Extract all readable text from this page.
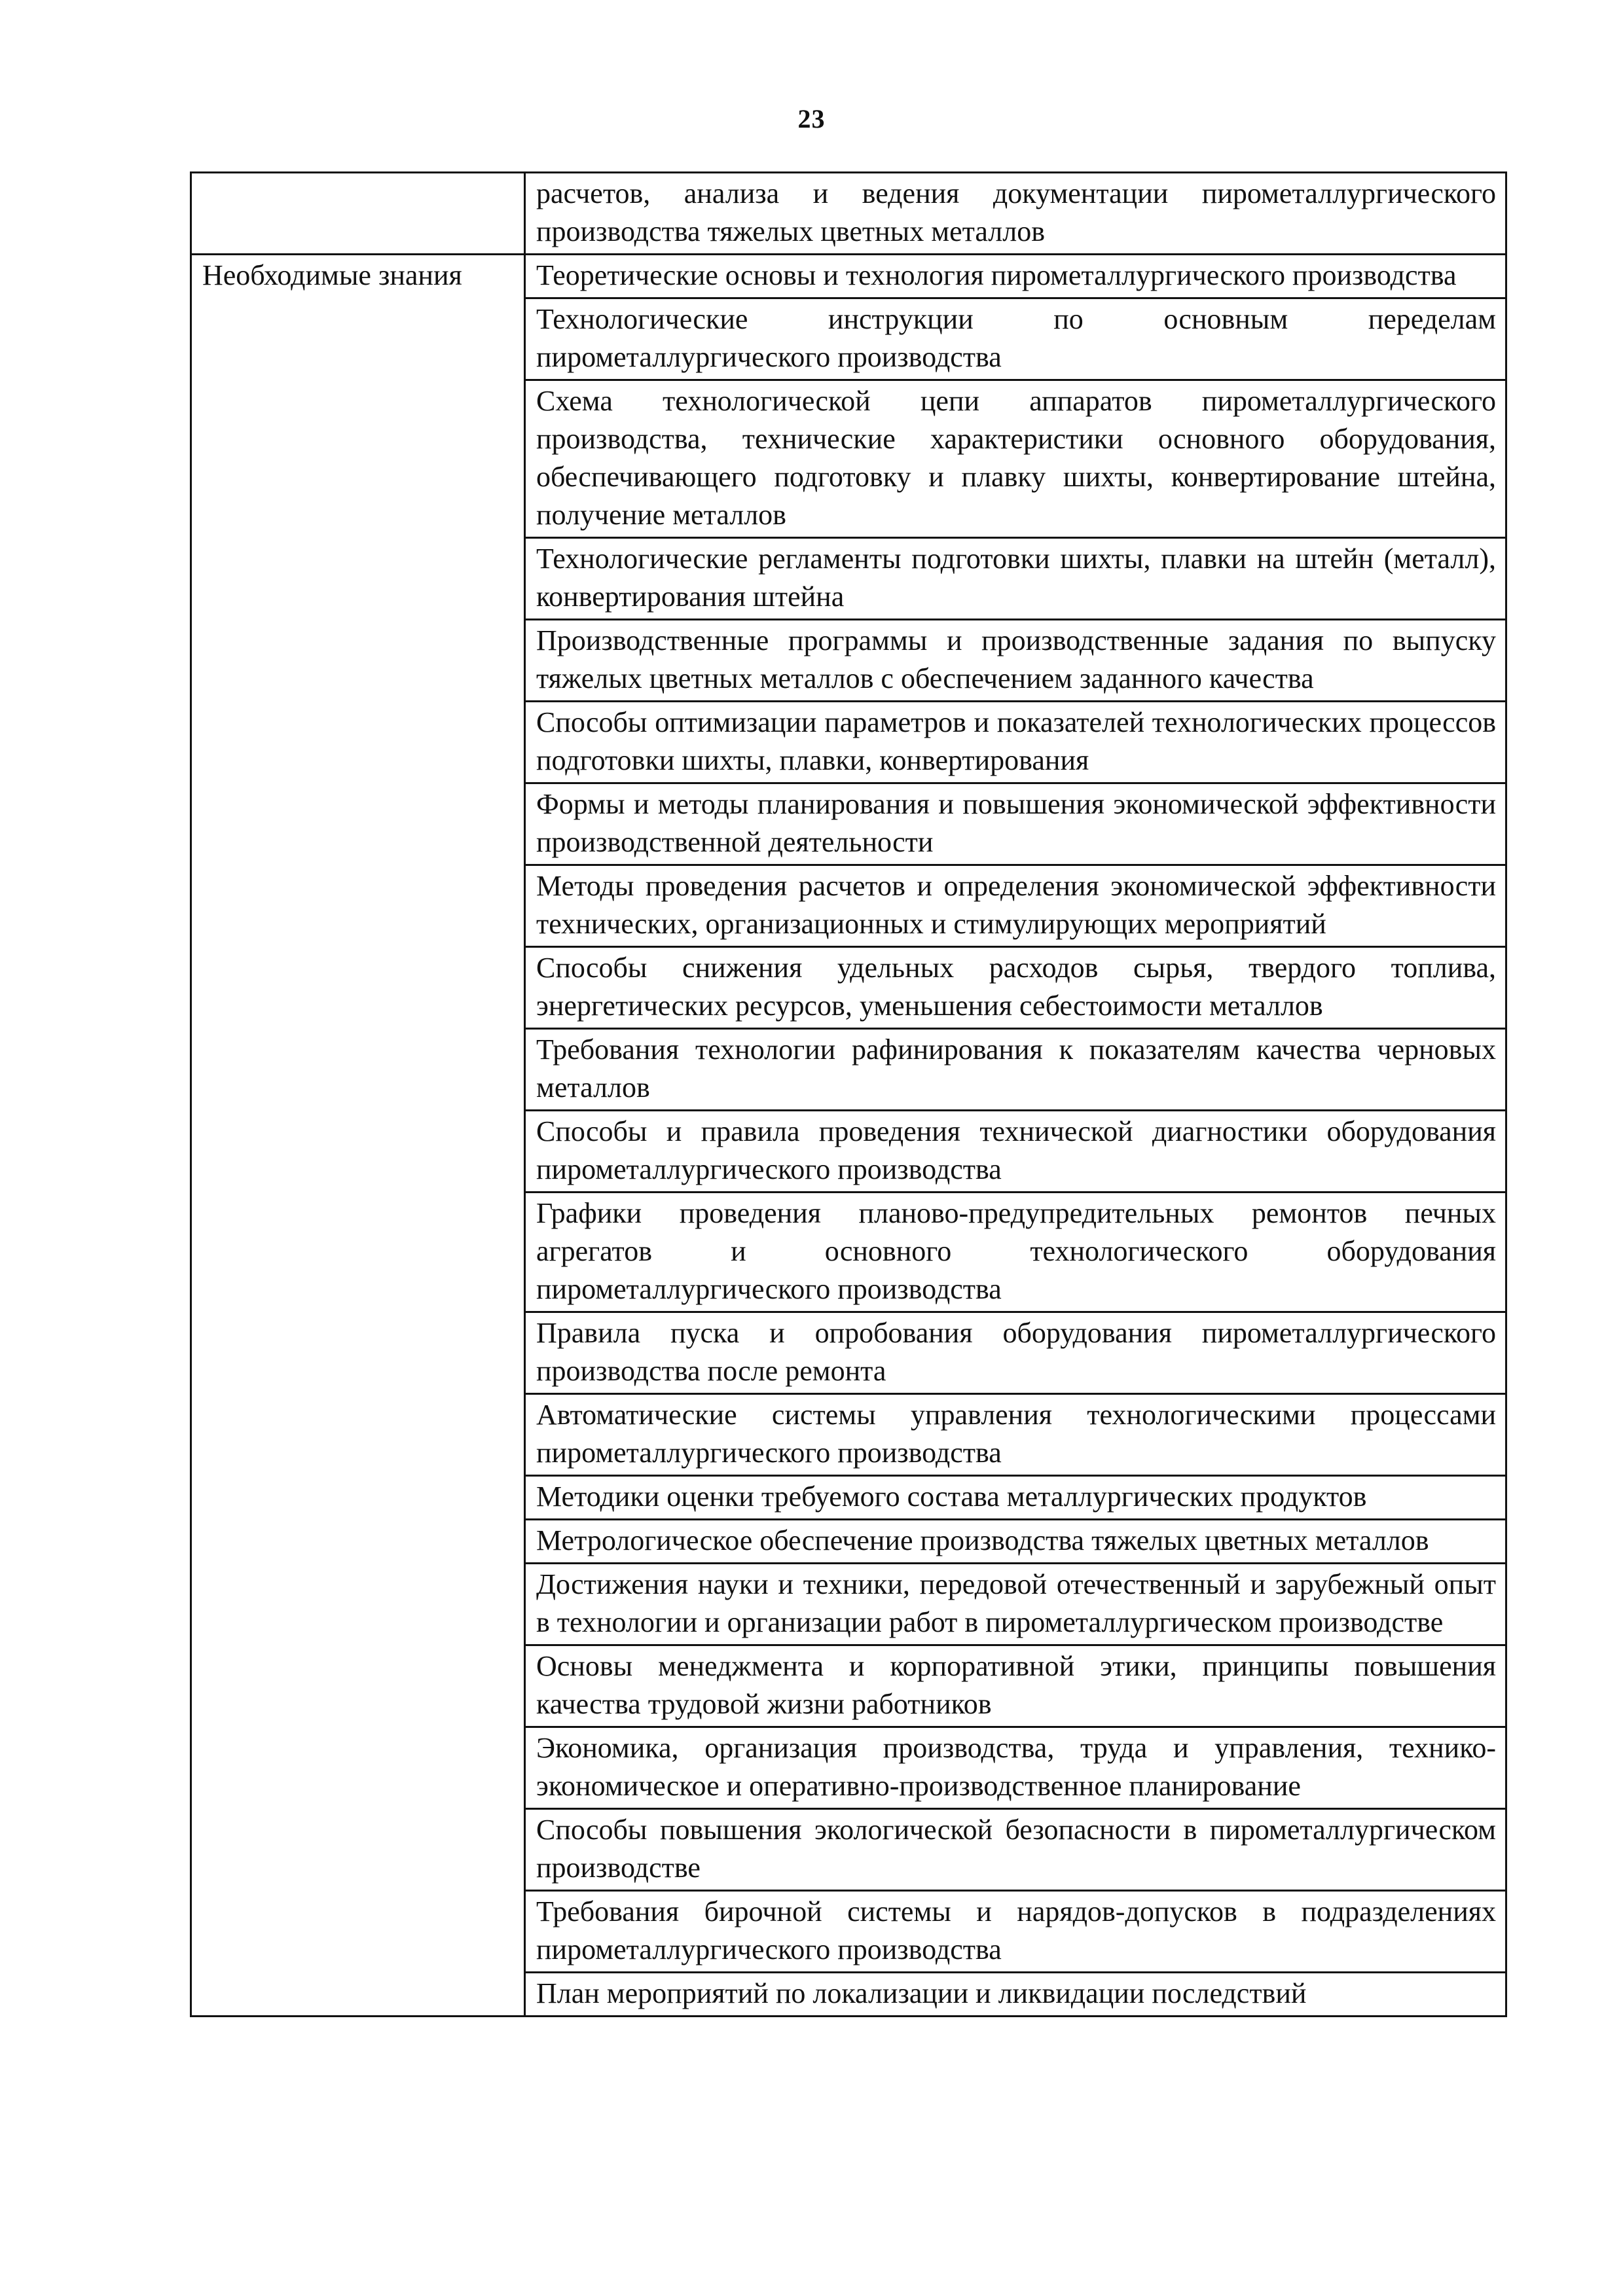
23
	расчетов, анализа и ведения документации пирометаллургического производства тяжелых цветных металлов

Необходимые знания	Теоретические основы и технология пирометаллургического производства
	Технологические инструкции по основным переделам пирометаллургического производства
	Схема технологической цепи аппаратов пирометаллургического производства, технические характеристики основного оборудования, обеспечивающего подготовку и плавку шихты, конвертирование штейна, получение металлов
	Технологические регламенты подготовки шихты, плавки на штейн (металл), конвертирования штейна
	Производственные программы и производственные задания по выпуску тяжелых цветных металлов с обеспечением заданного качества
	Способы оптимизации параметров и показателей технологических процессов подготовки шихты, плавки, конвертирования
	Формы и методы планирования и повышения экономической эффективности производственной деятельности
	Методы проведения расчетов и определения экономической эффективности технических, организационных и стимулирующих мероприятий
	Способы снижения удельных расходов сырья, твердого топлива, энергетических ресурсов, уменьшения себестоимости металлов
	Требования технологии рафинирования к показателям качества черновых металлов
	Способы и правила проведения технической диагностики оборудования пирометаллургического производства
	Графики проведения планово-предупредительных ремонтов печных агрегатов и основного технологического оборудования пирометаллургического производства
	Правила пуска и опробования оборудования пирометаллургического производства после ремонта
	Автоматические системы управления технологическими процессами пирометаллургического производства
	Методики оценки требуемого состава металлургических продуктов
	Метрологическое обеспечение производства тяжелых цветных металлов
	Достижения науки и техники, передовой отечественный и зарубежный опыт в технологии и организации работ в пирометаллургическом производстве
	Основы менеджмента и корпоративной этики, принципы повышения качества трудовой жизни работников
	Экономика, организация производства, труда и управления, технико-экономическое и оперативно-производственное планирование
	Способы повышения экологической безопасности в пирометаллургическом производстве
	Требования бирочной системы и нарядов-допусков в подразделениях пирометаллургического производства
	План мероприятий по локализации и ликвидации последствий
